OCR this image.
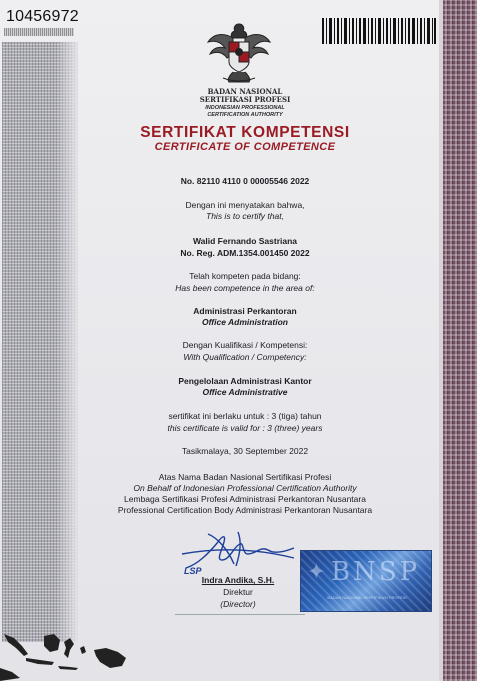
10456972
BADAN NASIONAL
SERTIFIKASI PROFESI
INDONESIAN PROFESSIONAL
CERTIFICATION AUTHORITY
SERTIFIKAT KOMPETENSI
CERTIFICATE OF COMPETENCE
No. 82110 4110 0 00005546 2022
Dengan ini menyatakan bahwa,
This is to certify that,
Walid Fernando Sastriana
No. Reg. ADM.1354.001450 2022
Telah kompeten pada bidang:
Has been competence in the area of:
Administrasi Perkantoran
Office Administration
Dengan Kualifikasi / Kompetensi:
With Qualification / Competency:
Pengelolaan Administrasi Kantor
Office Administrative
sertifikat ini berlaku untuk : 3 (tiga) tahun
this certificate is valid for : 3 (three) years
Tasikmalaya, 30 September 2022
Atas Nama Badan Nasional Sertifikasi Profesi
On Behalf of Indonesian Professional Certification Authority
Lembaga Sertifikasi Profesi Administrasi Perkantoran Nusantara
Professional Certification Body Administrasi Perkantoran Nusantara
LSP
Indra Andika, S.H.
Direktur
(Director)
✦ BNSP
BADAN NASIONAL SERTIFIKASI PROFESI
